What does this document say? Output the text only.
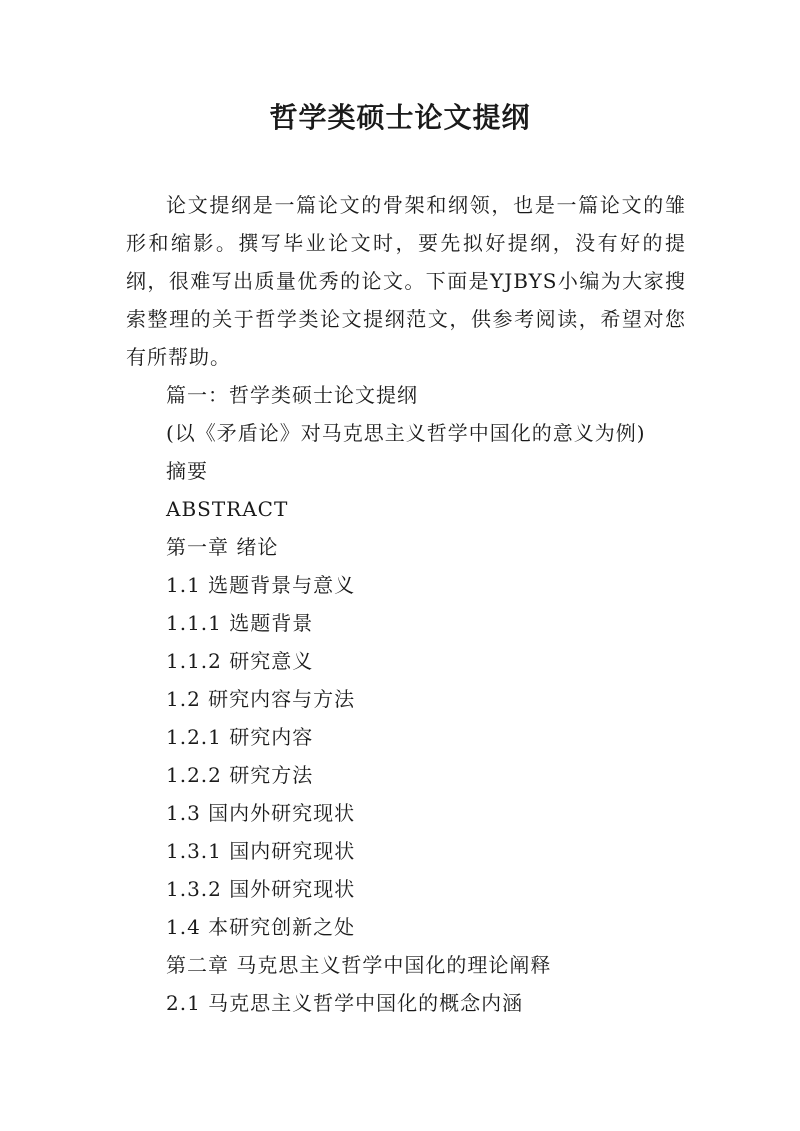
哲学类硕士论文提纲

论文提纲是一篇论文的骨架和纲领，也是一篇论文的雏形和缩影。撰写毕业论文时，要先拟好提纲，没有好的提纲，很难写出质量优秀的论文。下面是YJBYS小编为大家搜索整理的关于哲学类论文提纲范文，供参考阅读，希望对您有所帮助。

篇一：哲学类硕士论文提纲
(以《矛盾论》对马克思主义哲学中国化的意义为例)
摘要
ABSTRACT
第一章 绪论
1.1 选题背景与意义
1.1.1 选题背景
1.1.2 研究意义
1.2 研究内容与方法
1.2.1 研究内容
1.2.2 研究方法
1.3 国内外研究现状
1.3.1 国内研究现状
1.3.2 国外研究现状
1.4 本研究创新之处
第二章 马克思主义哲学中国化的理论阐释
2.1 马克思主义哲学中国化的概念内涵
